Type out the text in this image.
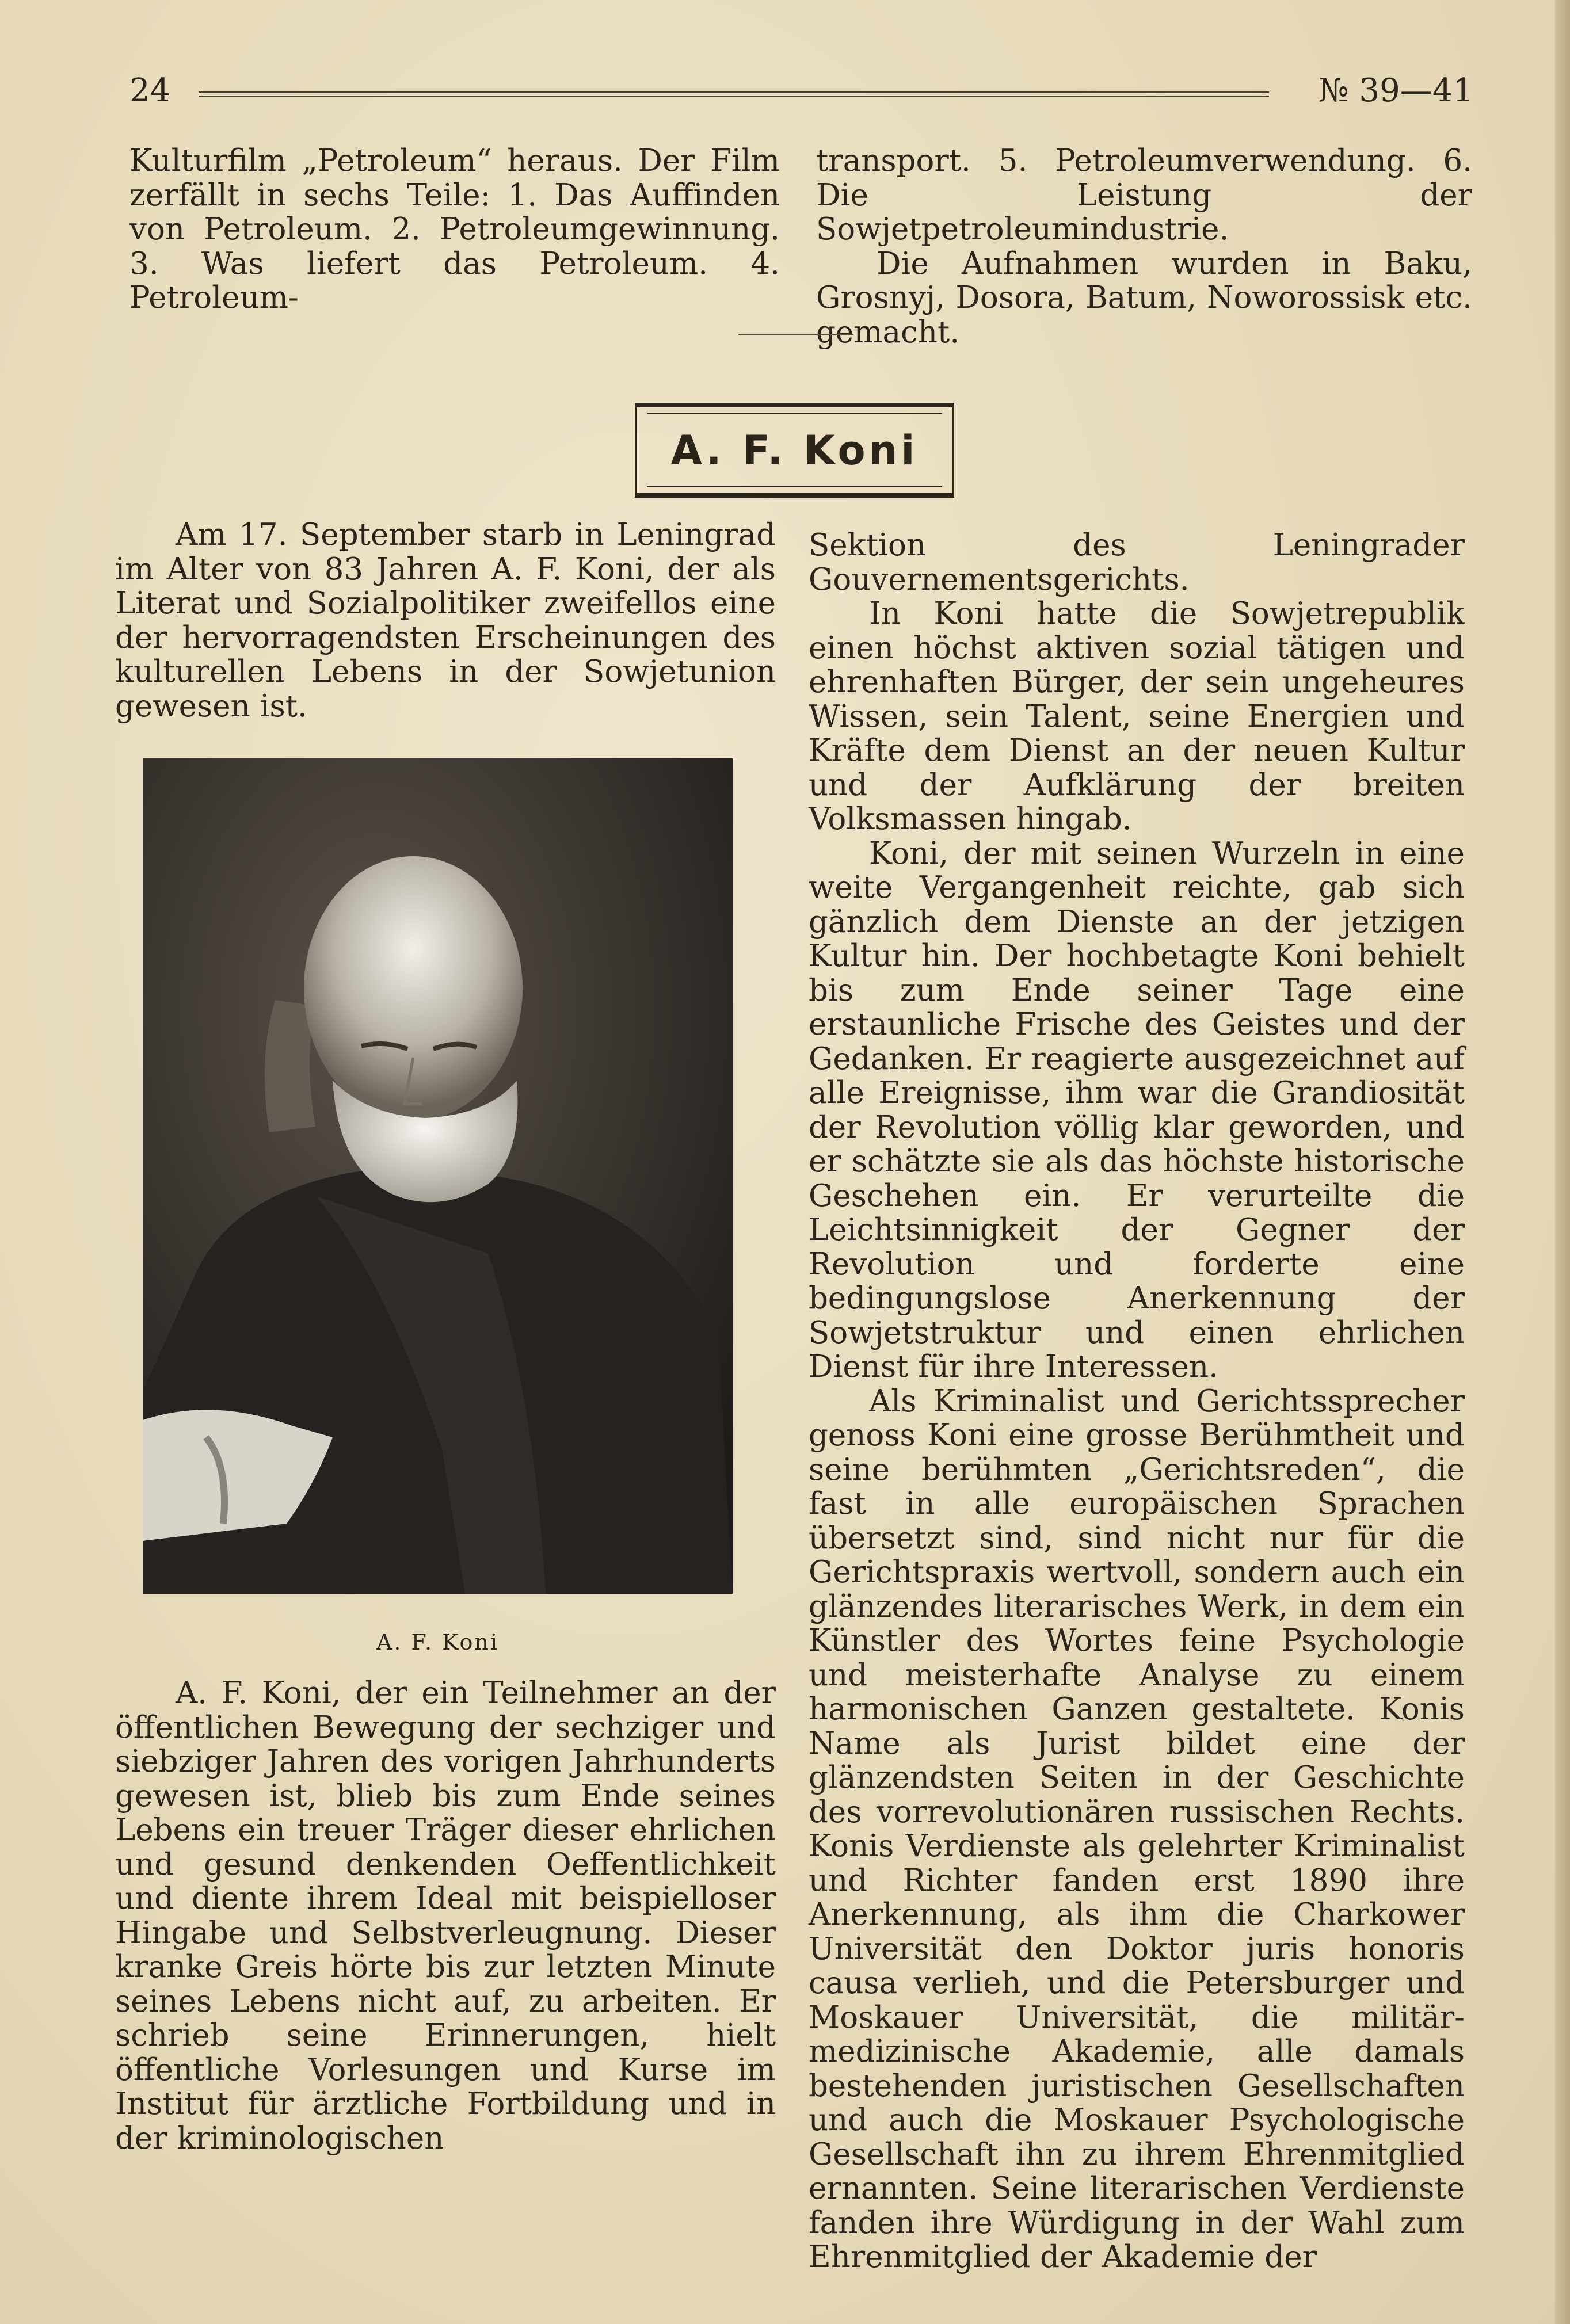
24	№ 39—41

Kulturfilm „Petroleum“ heraus. Der Film zerfällt in sechs Teile: 1. Das Auffinden von Petroleum. 2. Petroleumgewinnung. 3. Was liefert das Petroleum. 4. Petroleum-

transport. 5. Petroleumverwendung. 6. Die Leistung der Sowjetpetroleumindustrie.

Die Aufnahmen wurden in Baku, Grosnyj, Dosora, Batum, Noworossisk etc. gemacht.

A. F. Koni

Am 17. September starb in Leningrad im Alter von 83 Jahren A. F. Koni, der als Literat und Sozialpolitiker zweifellos eine der hervorragendsten Erscheinungen des kulturellen Lebens in der Sowjetunion gewesen ist.

A. F. Koni

A. F. Koni, der ein Teilnehmer an der öffentlichen Bewegung der sechziger und siebziger Jahren des vorigen Jahrhunderts gewesen ist, blieb bis zum Ende seines Lebens ein treuer Träger dieser ehrlichen und gesund denkenden Oeffentlichkeit und diente ihrem Ideal mit beispielloser Hingabe und Selbstverleugnung. Dieser kranke Greis hörte bis zur letzten Minute seines Lebens nicht auf, zu arbeiten. Er schrieb seine Erinnerungen, hielt öffentliche Vorlesungen und Kurse im Institut für ärztliche Fortbildung und in der kriminologischen

Sektion des Leningrader Gouvernementsgerichts.

In Koni hatte die Sowjetrepublik einen höchst aktiven sozial tätigen und ehrenhaften Bürger, der sein ungeheures Wissen, sein Talent, seine Energien und Kräfte dem Dienst an der neuen Kultur und der Aufklärung der breiten Volksmassen hingab.

Koni, der mit seinen Wurzeln in eine weite Vergangenheit reichte, gab sich gänzlich dem Dienste an der jetzigen Kultur hin. Der hochbetagte Koni behielt bis zum Ende seiner Tage eine erstaunliche Frische des Geistes und der Gedanken. Er reagierte ausgezeichnet auf alle Ereignisse, ihm war die Grandiosität der Revolution völlig klar geworden, und er schätzte sie als das höchste historische Geschehen ein. Er verurteilte die Leichtsinnigkeit der Gegner der Revolution und forderte eine bedingungslose Anerkennung der Sowjetstruktur und einen ehrlichen Dienst für ihre Interessen.

Als Kriminalist und Gerichtssprecher genoss Koni eine grosse Berühmtheit und seine berühmten „Gerichtsreden“, die fast in alle europäischen Sprachen übersetzt sind, sind nicht nur für die Gerichtspraxis wertvoll, sondern auch ein glänzendes literarisches Werk, in dem ein Künstler des Wortes feine Psychologie und meisterhafte Analyse zu einem harmonischen Ganzen gestaltete. Konis Name als Jurist bildet eine der glänzendsten Seiten in der Geschichte des vorrevolutionären russischen Rechts. Konis Verdienste als gelehrter Kriminalist und Richter fanden erst 1890 ihre Anerkennung, als ihm die Charkower Universität den Doktor juris honoris causa verlieh, und die Petersburger und Moskauer Universität, die militär-medizinische Akademie, alle damals bestehenden juristischen Gesellschaften und auch die Moskauer Psychologische Gesellschaft ihn zu ihrem Ehrenmitglied ernannten. Seine literarischen Verdienste fanden ihre Würdigung in der Wahl zum Ehrenmitglied der Akademie der
